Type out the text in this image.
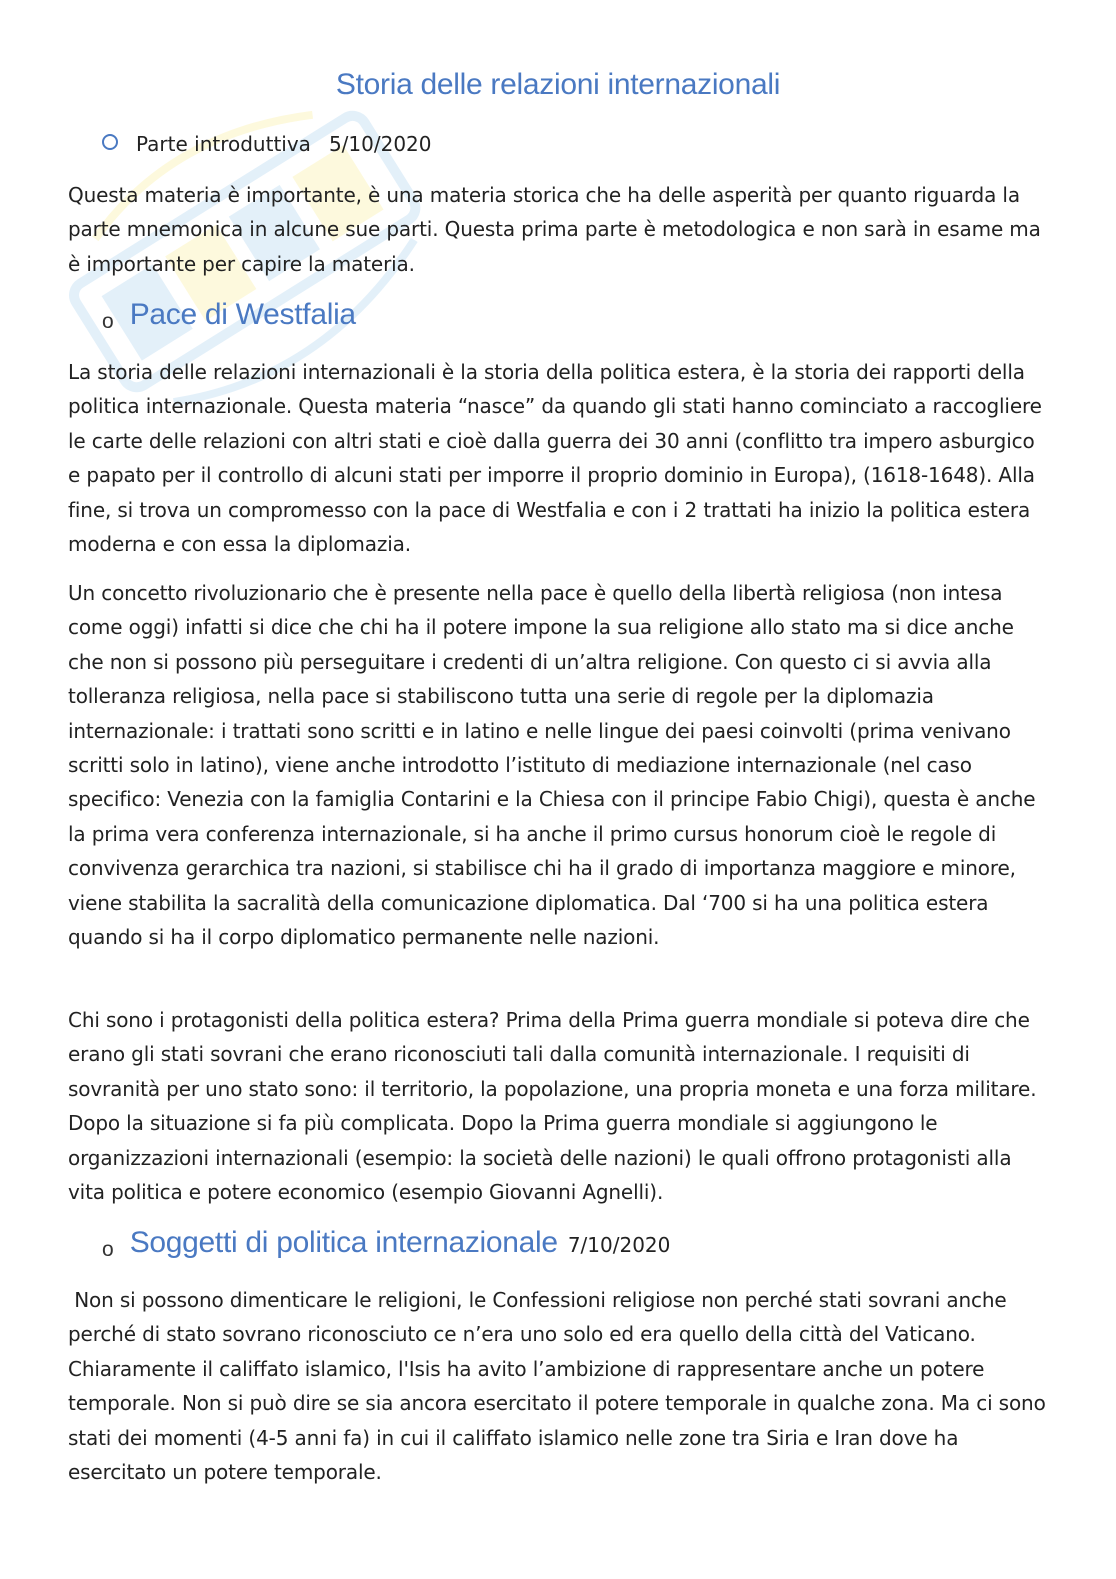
Storia delle relazioni internazionali
Parte introduttiva 5/10/2020

Questa materia è importante, è una materia storica che ha delle asperità per quanto riguarda la parte mnemonica in alcune sue parti. Questa prima parte è metodologica e non sarà in esame ma è importante per capire la materia.

o Pace di Westfalia

La storia delle relazioni internazionali è la storia della politica estera, è la storia dei rapporti della politica internazionale. Questa materia “nasce” da quando gli stati hanno cominciato a raccogliere le carte delle relazioni con altri stati e cioè dalla guerra dei 30 anni (conflitto tra impero asburgico e papato per il controllo di alcuni stati per imporre il proprio dominio in Europa), (1618-1648). Alla fine, si trova un compromesso con la pace di Westfalia e con i 2 trattati ha inizio la politica estera moderna e con essa la diplomazia.

Un concetto rivoluzionario che è presente nella pace è quello della libertà religiosa (non intesa come oggi) infatti si dice che chi ha il potere impone la sua religione allo stato ma si dice anche che non si possono più perseguitare i credenti di un’altra religione. Con questo ci si avvia alla tolleranza religiosa, nella pace si stabiliscono tutta una serie di regole per la diplomazia internazionale: i trattati sono scritti e in latino e nelle lingue dei paesi coinvolti (prima venivano scritti solo in latino), viene anche introdotto l’istituto di mediazione internazionale (nel caso specifico: Venezia con la famiglia Contarini e la Chiesa con il principe Fabio Chigi), questa è anche la prima vera conferenza internazionale, si ha anche il primo cursus honorum cioè le regole di convivenza gerarchica tra nazioni, si stabilisce chi ha il grado di importanza maggiore e minore, viene stabilita la sacralità della comunicazione diplomatica. Dal ‘700 si ha una politica estera quando si ha il corpo diplomatico permanente nelle nazioni.

Chi sono i protagonisti della politica estera? Prima della Prima guerra mondiale si poteva dire che erano gli stati sovrani che erano riconosciuti tali dalla comunità internazionale. I requisiti di sovranità per uno stato sono: il territorio, la popolazione, una propria moneta e una forza militare. Dopo la situazione si fa più complicata. Dopo la Prima guerra mondiale si aggiungono le organizzazioni internazionali (esempio: la società delle nazioni) le quali offrono protagonisti alla vita politica e potere economico (esempio Giovanni Agnelli).

o Soggetti di politica internazionale 7/10/2020

Non si possono dimenticare le religioni, le Confessioni religiose non perché stati sovrani anche perché di stato sovrano riconosciuto ce n’era uno solo ed era quello della città del Vaticano. Chiaramente il califfato islamico, l'Isis ha avito l’ambizione di rappresentare anche un potere temporale. Non si può dire se sia ancora esercitato il potere temporale in qualche zona. Ma ci sono stati dei momenti (4-5 anni fa) in cui il califfato islamico nelle zone tra Siria e Iran dove ha esercitato un potere temporale.
